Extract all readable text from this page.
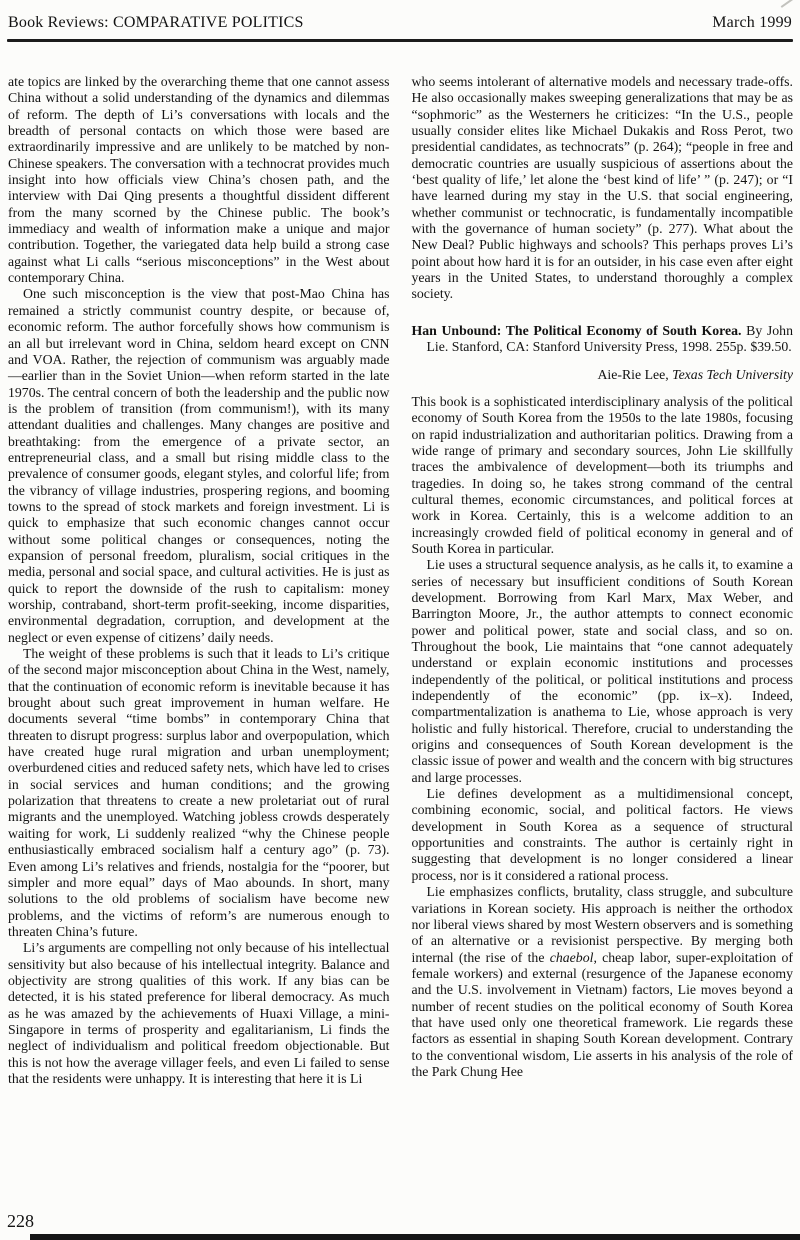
Book Reviews: COMPARATIVE POLITICS	March 1999

ate topics are linked by the overarching theme that one cannot assess China without a solid understanding of the dynamics and dilemmas of reform. The depth of Li’s conversations with locals and the breadth of personal contacts on which those were based are extraordinarily impressive and are unlikely to be matched by non-Chinese speakers. The conversation with a technocrat provides much insight into how officials view China’s chosen path, and the interview with Dai Qing presents a thoughtful dissident different from the many scorned by the Chinese public. The book’s immediacy and wealth of information make a unique and major contribution. Together, the variegated data help build a strong case against what Li calls “serious misconceptions” in the West about contemporary China.

One such misconception is the view that post-Mao China has remained a strictly communist country despite, or because of, economic reform. The author forcefully shows how communism is an all but irrelevant word in China, seldom heard except on CNN and VOA. Rather, the rejection of communism was arguably made—earlier than in the Soviet Union—when reform started in the late 1970s. The central concern of both the leadership and the public now is the problem of transition (from communism!), with its many attendant dualities and challenges. Many changes are positive and breathtaking: from the emergence of a private sector, an entrepreneurial class, and a small but rising middle class to the prevalence of consumer goods, elegant styles, and colorful life; from the vibrancy of village industries, prospering regions, and booming towns to the spread of stock markets and foreign investment. Li is quick to emphasize that such economic changes cannot occur without some political changes or consequences, noting the expansion of personal freedom, pluralism, social critiques in the media, personal and social space, and cultural activities. He is just as quick to report the downside of the rush to capitalism: money worship, contraband, short-term profit-seeking, income disparities, environmental degradation, corruption, and development at the neglect or even expense of citizens’ daily needs.

The weight of these problems is such that it leads to Li’s critique of the second major misconception about China in the West, namely, that the continuation of economic reform is inevitable because it has brought about such great improvement in human welfare. He documents several “time bombs” in contemporary China that threaten to disrupt progress: surplus labor and overpopulation, which have created huge rural migration and urban unemployment; overburdened cities and reduced safety nets, which have led to crises in social services and human conditions; and the growing polarization that threatens to create a new proletariat out of rural migrants and the unemployed. Watching jobless crowds desperately waiting for work, Li suddenly realized “why the Chinese people enthusiastically embraced socialism half a century ago” (p. 73). Even among Li’s relatives and friends, nostalgia for the “poorer, but simpler and more equal” days of Mao abounds. In short, many solutions to the old problems of socialism have become new problems, and the victims of reform’s are numerous enough to threaten China’s future.

Li’s arguments are compelling not only because of his intellectual sensitivity but also because of his intellectual integrity. Balance and objectivity are strong qualities of this work. If any bias can be detected, it is his stated preference for liberal democracy. As much as he was amazed by the achievements of Huaxi Village, a mini-Singapore in terms of prosperity and egalitarianism, Li finds the neglect of individualism and political freedom objectionable. But this is not how the average villager feels, and even Li failed to sense that the residents were unhappy. It is interesting that here it is Li

who seems intolerant of alternative models and necessary trade-offs. He also occasionally makes sweeping generalizations that may be as “sophmoric” as the Westerners he criticizes: “In the U.S., people usually consider elites like Michael Dukakis and Ross Perot, two presidential candidates, as technocrats” (p. 264); “people in free and democratic countries are usually suspicious of assertions about the ‘best quality of life,’ let alone the ‘best kind of life’ ” (p. 247); or “I have learned during my stay in the U.S. that social engineering, whether communist or technocratic, is fundamentally incompatible with the governance of human society” (p. 277). What about the New Deal? Public highways and schools? This perhaps proves Li’s point about how hard it is for an outsider, in his case even after eight years in the United States, to understand thoroughly a complex society.

Han Unbound: The Political Economy of South Korea. By John Lie. Stanford, CA: Stanford University Press, 1998. 255p. $39.50.

Aie-Rie Lee, Texas Tech University

This book is a sophisticated interdisciplinary analysis of the political economy of South Korea from the 1950s to the late 1980s, focusing on rapid industrialization and authoritarian politics. Drawing from a wide range of primary and secondary sources, John Lie skillfully traces the ambivalence of development—both its triumphs and tragedies. In doing so, he takes strong command of the central cultural themes, economic circumstances, and political forces at work in Korea. Certainly, this is a welcome addition to an increasingly crowded field of political economy in general and of South Korea in particular.

Lie uses a structural sequence analysis, as he calls it, to examine a series of necessary but insufficient conditions of South Korean development. Borrowing from Karl Marx, Max Weber, and Barrington Moore, Jr., the author attempts to connect economic power and political power, state and social class, and so on. Throughout the book, Lie maintains that “one cannot adequately understand or explain economic institutions and processes independently of the political, or political institutions and process independently of the economic” (pp. ix–x). Indeed, compartmentalization is anathema to Lie, whose approach is very holistic and fully historical. Therefore, crucial to understanding the origins and consequences of South Korean development is the classic issue of power and wealth and the concern with big structures and large processes.

Lie defines development as a multidimensional concept, combining economic, social, and political factors. He views development in South Korea as a sequence of structural opportunities and constraints. The author is certainly right in suggesting that development is no longer considered a linear process, nor is it considered a rational process.

Lie emphasizes conflicts, brutality, class struggle, and subculture variations in Korean society. His approach is neither the orthodox nor liberal views shared by most Western observers and is something of an alternative or a revisionist perspective. By merging both internal (the rise of the chaebol, cheap labor, super-exploitation of female workers) and external (resurgence of the Japanese economy and the U.S. involvement in Vietnam) factors, Lie moves beyond a number of recent studies on the political economy of South Korea that have used only one theoretical framework. Lie regards these factors as essential in shaping South Korean development. Contrary to the conventional wisdom, Lie asserts in his analysis of the role of the Park Chung Hee

228
